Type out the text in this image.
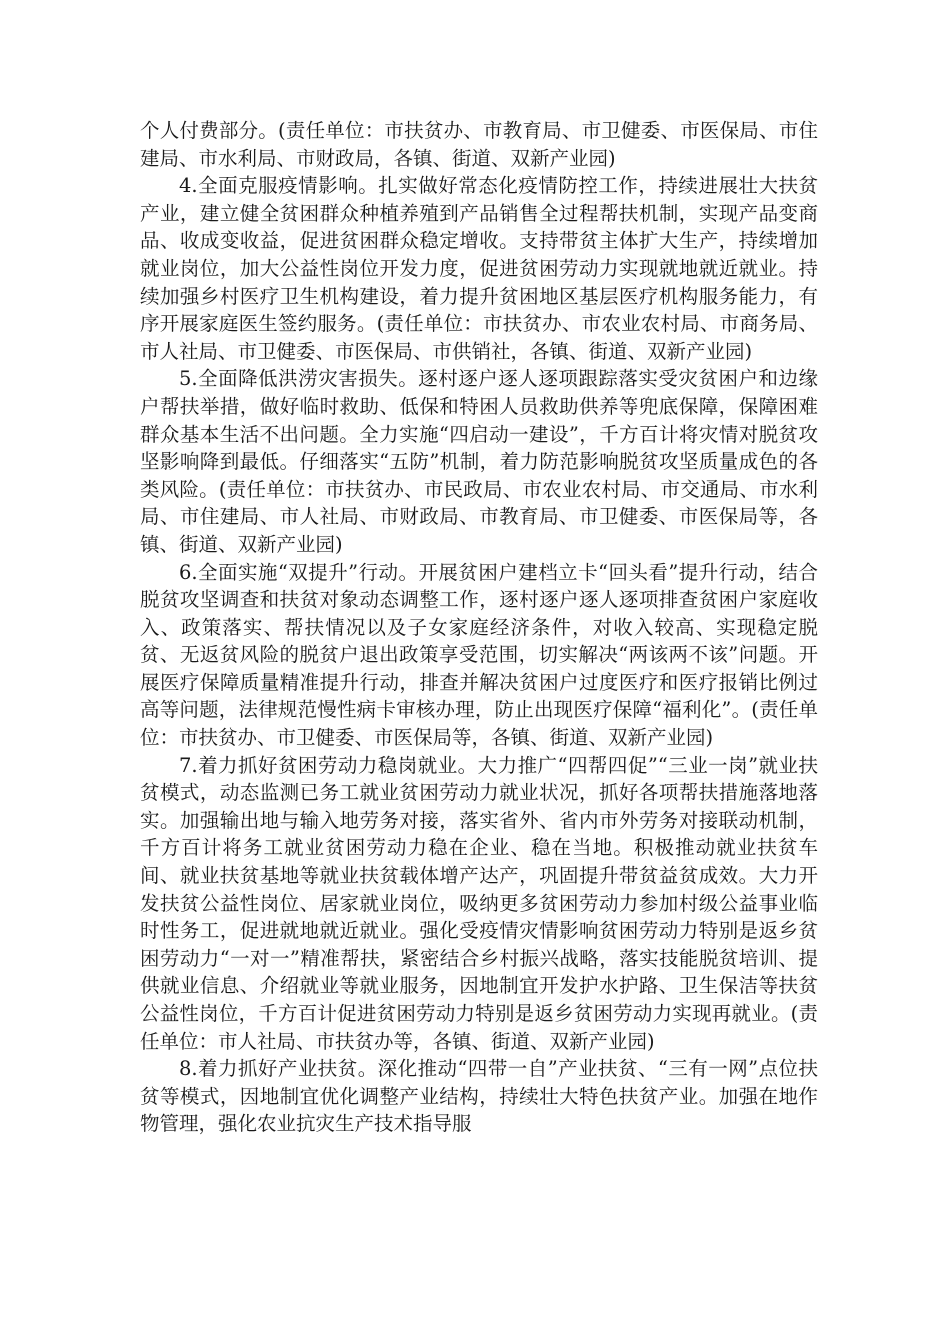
个人付费部分。(责任单位：市扶贫办、市教育局、市卫健委、市医保局、市住建局、市水利局、市财政局，各镇、街道、双新产业园)

4.全面克服疫情影响。扎实做好常态化疫情防控工作，持续进展壮大扶贫产业，建立健全贫困群众种植养殖到产品销售全过程帮扶机制，实现产品变商品、收成变收益，促进贫困群众稳定增收。支持带贫主体扩大生产，持续增加就业岗位，加大公益性岗位开发力度，促进贫困劳动力实现就地就近就业。持续加强乡村医疗卫生机构建设，着力提升贫困地区基层医疗机构服务能力，有序开展家庭医生签约服务。(责任单位：市扶贫办、市农业农村局、市商务局、市人社局、市卫健委、市医保局、市供销社，各镇、街道、双新产业园)

5.全面降低洪涝灾害损失。逐村逐户逐人逐项跟踪落实受灾贫困户和边缘户帮扶举措，做好临时救助、低保和特困人员救助供养等兜底保障，保障困难群众基本生活不出问题。全力实施“四启动一建设”，千方百计将灾情对脱贫攻坚影响降到最低。仔细落实“五防”机制，着力防范影响脱贫攻坚质量成色的各类风险。(责任单位：市扶贫办、市民政局、市农业农村局、市交通局、市水利局、市住建局、市人社局、市财政局、市教育局、市卫健委、市医保局等，各镇、街道、双新产业园)

6.全面实施“双提升”行动。开展贫困户建档立卡“回头看”提升行动，结合脱贫攻坚调查和扶贫对象动态调整工作，逐村逐户逐人逐项排查贫困户家庭收入、政策落实、帮扶情况以及子女家庭经济条件，对收入较高、实现稳定脱贫、无返贫风险的脱贫户退出政策享受范围，切实解决“两该两不该”问题。开展医疗保障质量精准提升行动，排查并解决贫困户过度医疗和医疗报销比例过高等问题，法律规范慢性病卡审核办理，防止出现医疗保障“福利化”。(责任单位：市扶贫办、市卫健委、市医保局等，各镇、街道、双新产业园)

7.着力抓好贫困劳动力稳岗就业。大力推广“四帮四促”“三业一岗”就业扶贫模式，动态监测已务工就业贫困劳动力就业状况，抓好各项帮扶措施落地落实。加强输出地与输入地劳务对接，落实省外、省内市外劳务对接联动机制，千方百计将务工就业贫困劳动力稳在企业、稳在当地。积极推动就业扶贫车间、就业扶贫基地等就业扶贫载体增产达产，巩固提升带贫益贫成效。大力开发扶贫公益性岗位、居家就业岗位，吸纳更多贫困劳动力参加村级公益事业临时性务工，促进就地就近就业。强化受疫情灾情影响贫困劳动力特别是返乡贫困劳动力“一对一”精准帮扶，紧密结合乡村振兴战略，落实技能脱贫培训、提供就业信息、介绍就业等就业服务，因地制宜开发护水护路、卫生保洁等扶贫公益性岗位，千方百计促进贫困劳动力特别是返乡贫困劳动力实现再就业。(责任单位：市人社局、市扶贫办等，各镇、街道、双新产业园)

8.着力抓好产业扶贫。深化推动“四带一自”产业扶贫、“三有一网”点位扶贫等模式，因地制宜优化调整产业结构，持续壮大特色扶贫产业。加强在地作物管理，强化农业抗灾生产技术指导服
